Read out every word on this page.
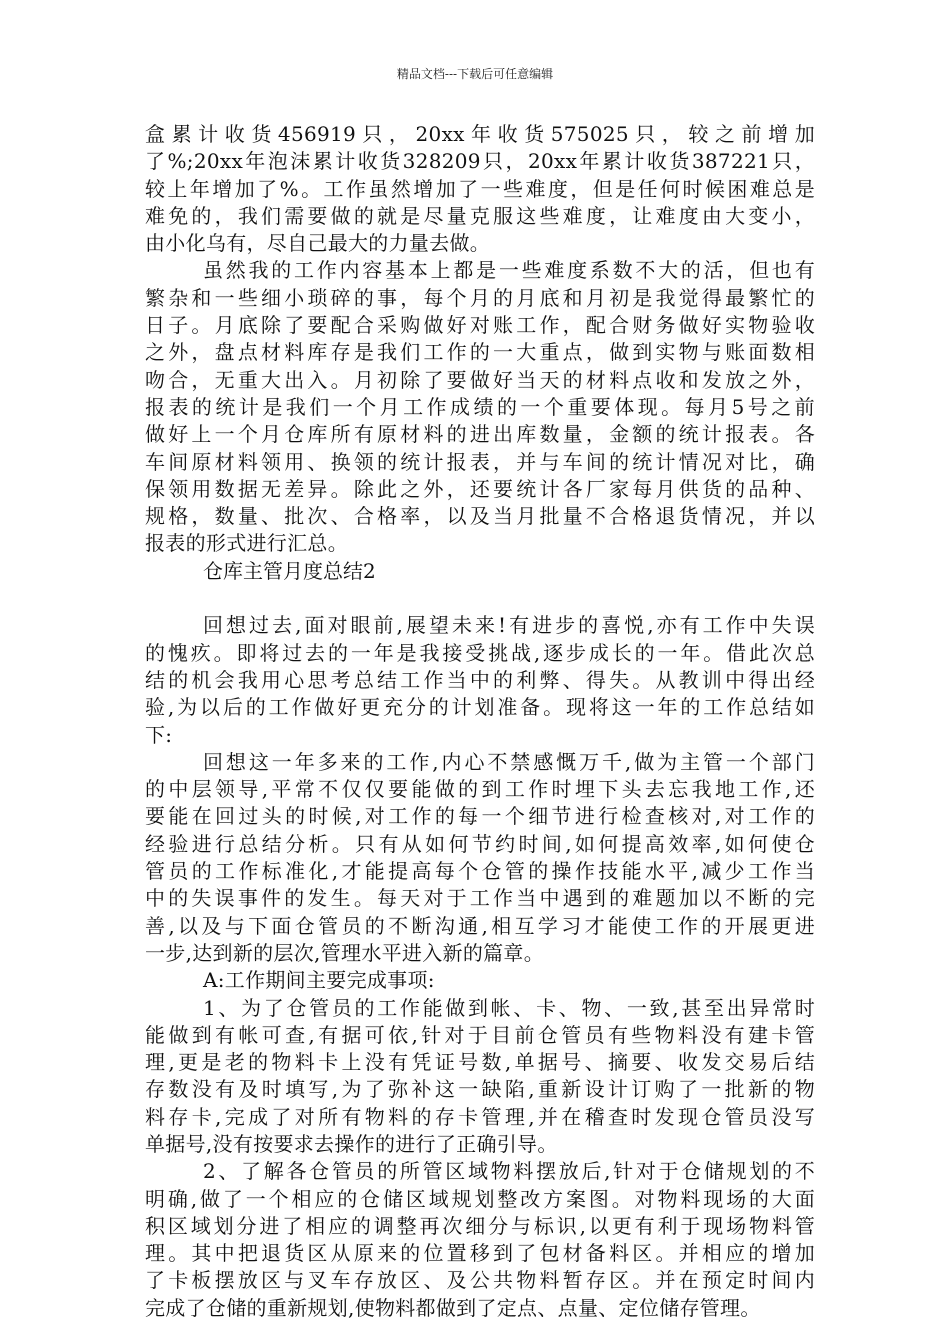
精品文档---下载后可任意编辑
盒累计收货456919只，20xx年收货575025只，较之前增加
了%;20xx年泡沫累计收货328209只，20xx年累计收货387221只，
较上年增加了%。工作虽然增加了一些难度，但是任何时候困难总是
难免的，我们需要做的就是尽量克服这些难度，让难度由大变小，
由小化乌有，尽自己最大的力量去做。
虽然我的工作内容基本上都是一些难度系数不大的活，但也有
繁杂和一些细小琐碎的事，每个月的月底和月初是我觉得最繁忙的
日子。月底除了要配合采购做好对账工作，配合财务做好实物验收
之外，盘点材料库存是我们工作的一大重点，做到实物与账面数相
吻合，无重大出入。月初除了要做好当天的材料点收和发放之外，
报表的统计是我们一个月工作成绩的一个重要体现。每月5号之前
做好上一个月仓库所有原材料的进出库数量，金额的统计报表。各
车间原材料领用、换领的统计报表，并与车间的统计情况对比，确
保领用数据无差异。除此之外，还要统计各厂家每月供货的品种、
规格，数量、批次、合格率，以及当月批量不合格退货情况，并以
报表的形式进行汇总。
仓库主管月度总结2
回想过去,面对眼前,展望未来!有进步的喜悦,亦有工作中失误
的愧疚。即将过去的一年是我接受挑战,逐步成长的一年。借此次总
结的机会我用心思考总结工作当中的利弊、得失。从教训中得出经
验,为以后的工作做好更充分的计划准备。现将这一年的工作总结如
下:
回想这一年多来的工作,内心不禁感慨万千,做为主管一个部门
的中层领导,平常不仅仅要能做的到工作时埋下头去忘我地工作,还
要能在回过头的时候,对工作的每一个细节进行检查核对,对工作的
经验进行总结分析。只有从如何节约时间,如何提高效率,如何使仓
管员的工作标准化,才能提高每个仓管的操作技能水平,减少工作当
中的失误事件的发生。每天对于工作当中遇到的难题加以不断的完
善,以及与下面仓管员的不断沟通,相互学习才能使工作的开展更进
一步,达到新的层次,管理水平进入新的篇章。
A:工作期间主要完成事项:
1、为了仓管员的工作能做到帐、卡、物、一致,甚至出异常时
能做到有帐可查,有据可依,针对于目前仓管员有些物料没有建卡管
理,更是老的物料卡上没有凭证号数,单据号、摘要、收发交易后结
存数没有及时填写,为了弥补这一缺陷,重新设计订购了一批新的物
料存卡,完成了对所有物料的存卡管理,并在稽查时发现仓管员没写
单据号,没有按要求去操作的进行了正确引导。
2、了解各仓管员的所管区域物料摆放后,针对于仓储规划的不
明确,做了一个相应的仓储区域规划整改方案图。对物料现场的大面
积区域划分进了相应的调整再次细分与标识,以更有利于现场物料管
理。其中把退货区从原来的位置移到了包材备料区。并相应的增加
了卡板摆放区与叉车存放区、及公共物料暂存区。并在预定时间内
完成了仓储的重新规划,使物料都做到了定点、点量、定位储存管理。
